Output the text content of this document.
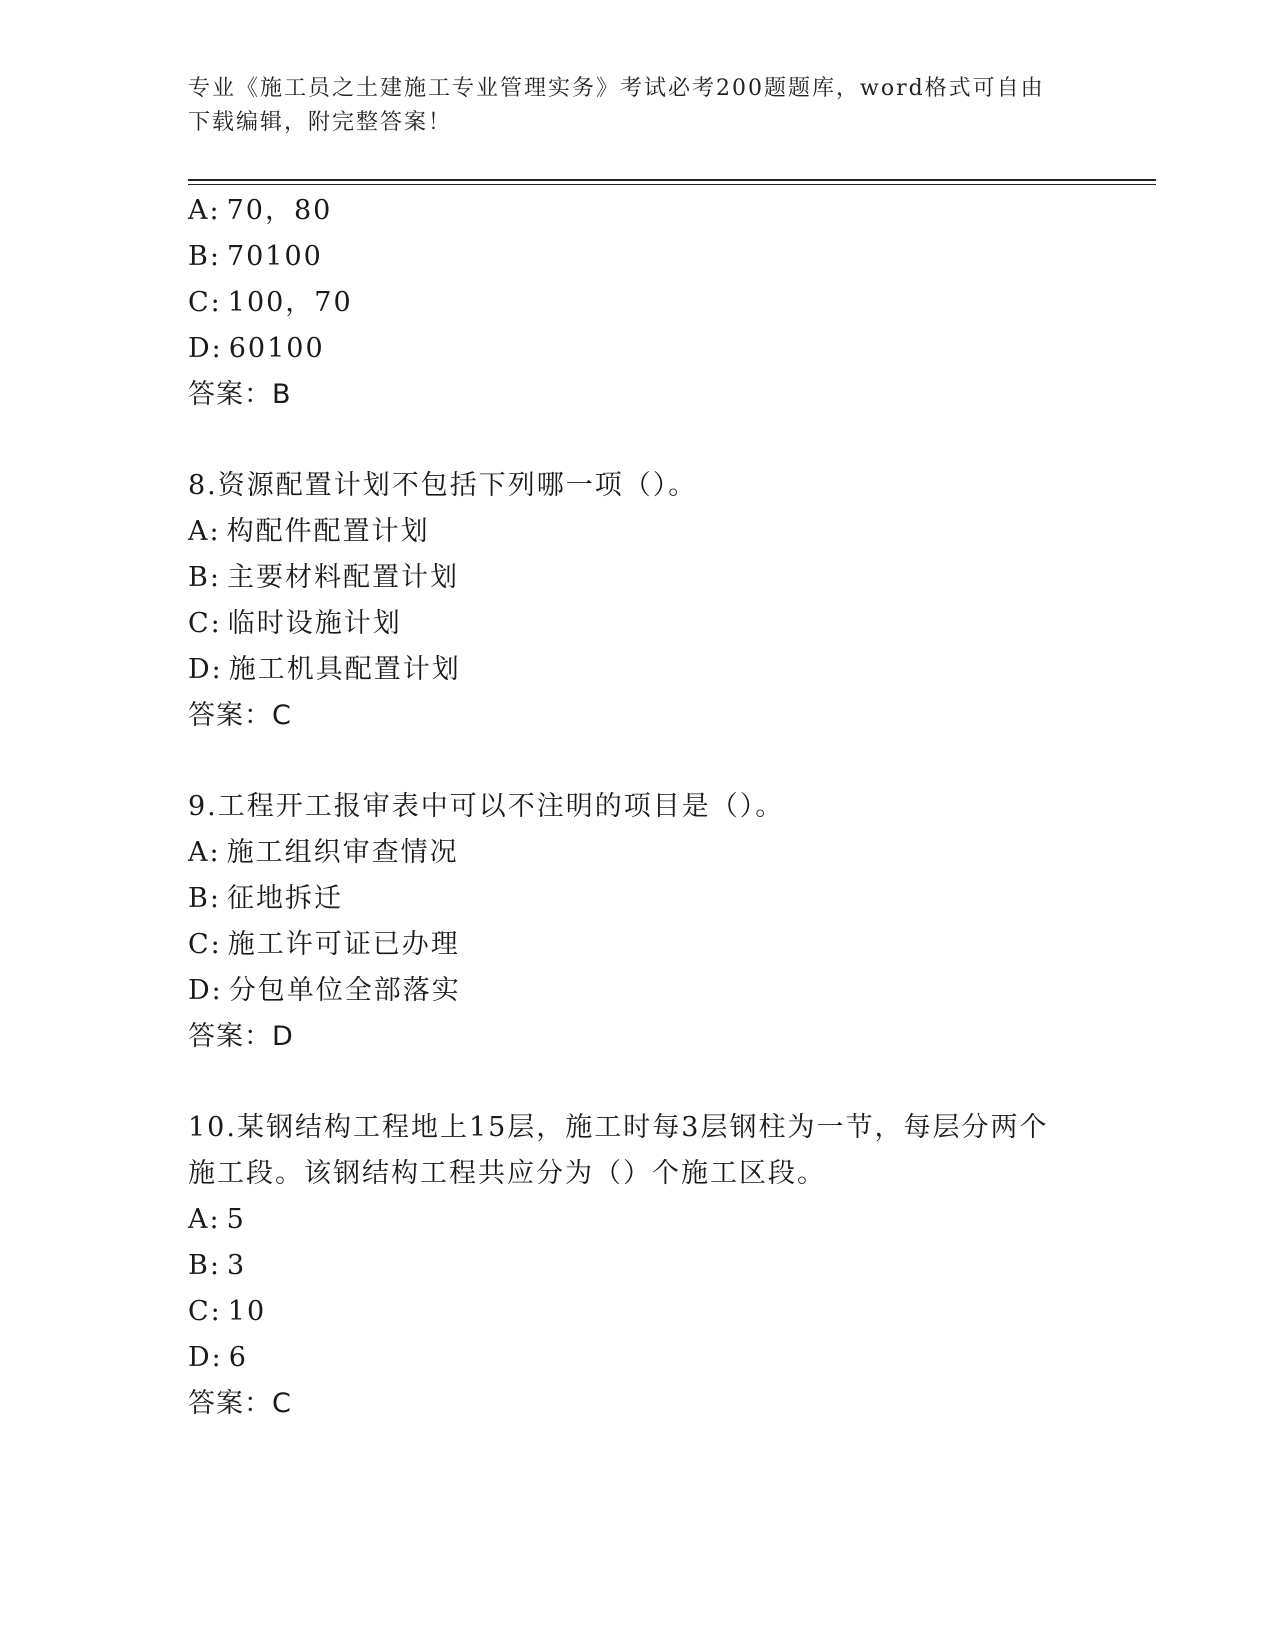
专业《施工员之土建施工专业管理实务》考试必考200题题库，word格式可自由
下载编辑，附完整答案！
A: 70，80
B: 70100
C: 100，70
D: 60100
答案：B
8.资源配置计划不包括下列哪一项（）。
A: 构配件配置计划
B: 主要材料配置计划
C: 临时设施计划
D: 施工机具配置计划
答案：C
9.工程开工报审表中可以不注明的项目是（）。
A: 施工组织审查情况
B: 征地拆迁
C: 施工许可证已办理
D: 分包单位全部落实
答案：D
10.某钢结构工程地上15层，施工时每3层钢柱为一节，每层分两个
施工段。该钢结构工程共应分为（）个施工区段。
A: 5
B: 3
C: 10
D: 6
答案：C
